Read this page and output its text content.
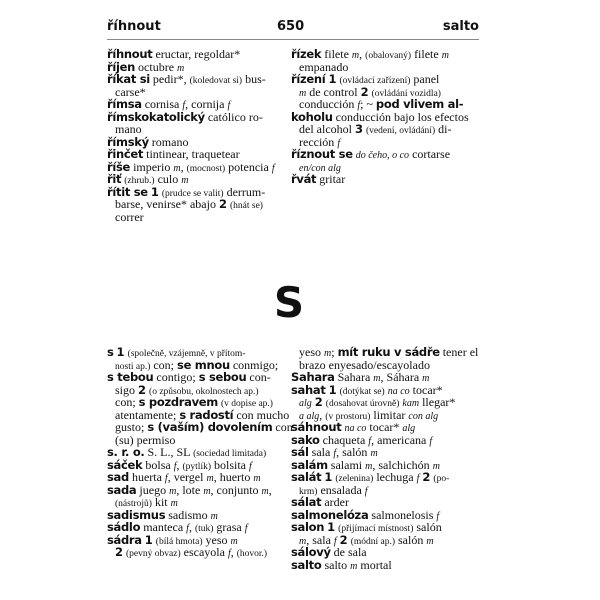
říhnout	650	salto
říhnout eructar, regoldar*
říjen octubre m
říkat si pedir*, (koledovat si) bus-
carse*
římsa cornisa f, cornija f
římskokatolický católico ro-
mano
římský romano
řinčet tintinear, traquetear
říše imperio m, (mocnost) potencia f
řiť (zhrub.) culo m
řítit se 1 (prudce se valit) derrum-
barse, venirse* abajo 2 (hnát se)
correr
řízek filete m, (obalovaný) filete m
empanado
řízení 1 (ovládací zařízení) panel
m de control 2 (ovládání vozidla)
conducción f; ~ pod vlivem al-
koholu conducción bajo los efectos
del alcohol 3 (vedení, ovládání) di-
rección f
říznout se do čeho, o co cortarse
en/con alg
řvát gritar
S
s 1 (společně, vzájemně, v přítom-
nosti ap.) con; se mnou conmigo;
s tebou contigo; s sebou con-
sigo 2 (o způsobu, okolnostech ap.)
con; s pozdravem (v dopise ap.)
atentamente; s radostí con mucho
gusto; s (vaším) dovolením con
(su) permiso
s. r. o. S. L., SL (sociedad limitada)
sáček bolsa f, (pytlík) bolsita f
sad huerta f, vergel m, huerto m
sada juego m, lote m, conjunto m,
(nástrojů) kit m
sadismus sadismo m
sádlo manteca f, (tuk) grasa f
sádra 1 (bílá hmota) yeso m
2 (pevný obvaz) escayola f, (hovor.)
yeso m; mít ruku v sádře tener el
brazo enyesado/escayolado
Sahara Sahara m, Sáhara m
sahat 1 (dotýkat se) na co tocar*
alg 2 (dosahovat úrovně) kam llegar*
a alg, (v prostoru) limitar con alg
sáhnout na co tocar* alg
sako chaqueta f, americana f
sál sala f, salón m
salám salami m, salchichón m
salát 1 (zelenina) lechuga f 2 (po-
krm) ensalada f
sálat arder
salmonelóza salmonelosis f
salon 1 (přijímací místnost) salón
m, sala f 2 (módní ap.) salón m
sálový de sala
salto salto m mortal
